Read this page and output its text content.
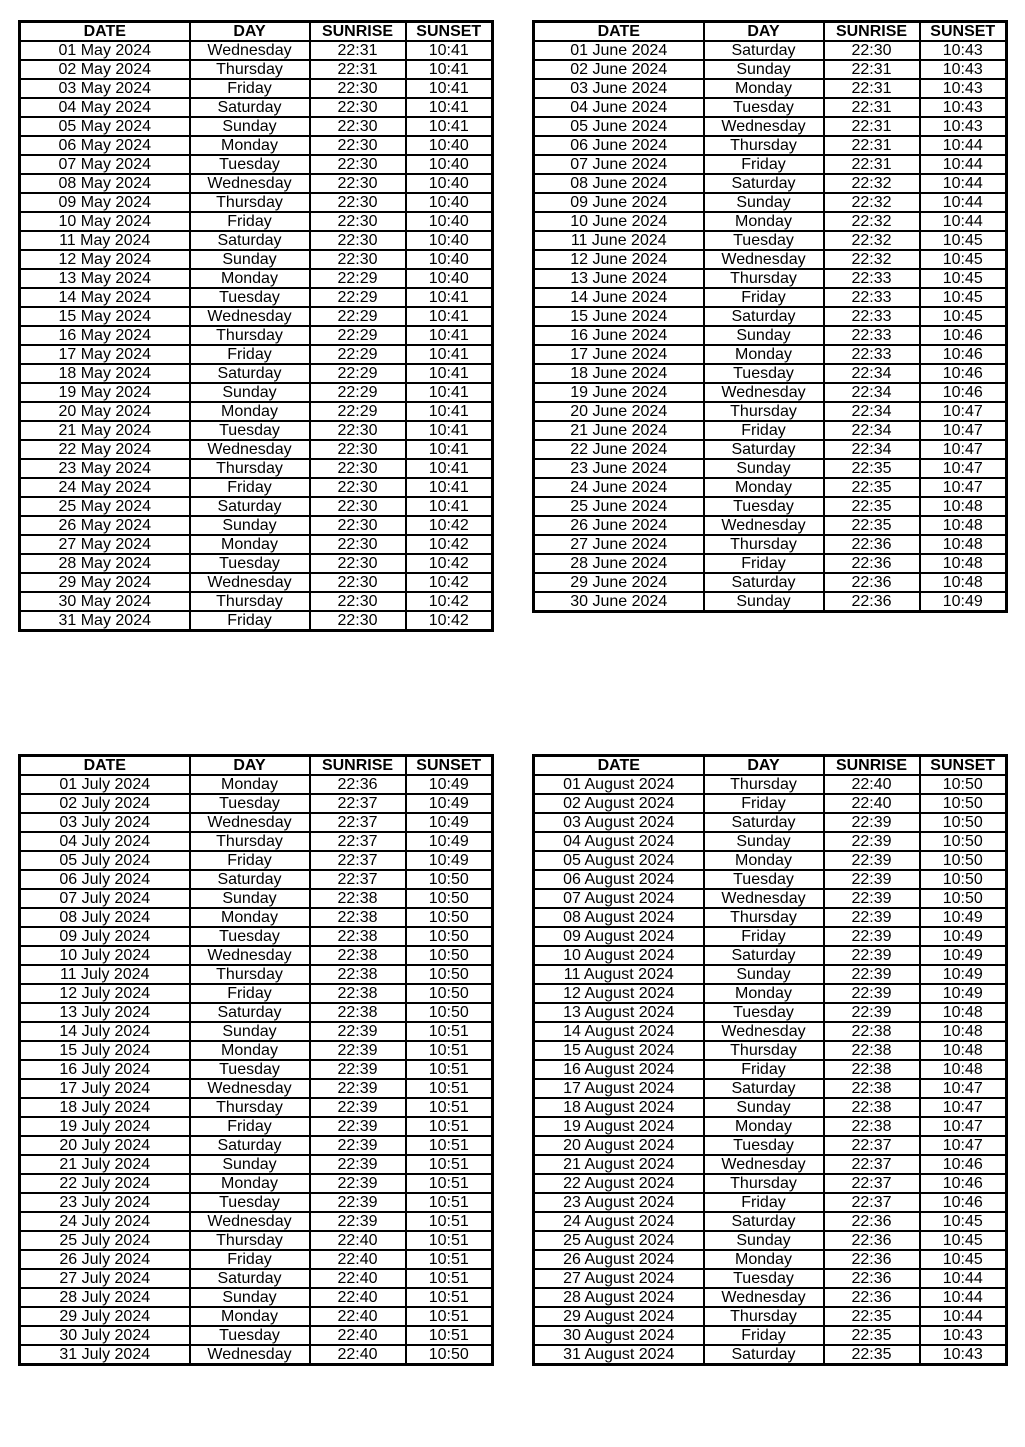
DATE	DAY	SUNRISE	SUNSET
01 May 2024	Wednesday	22:31	10:41
02 May 2024	Thursday	22:31	10:41
03 May 2024	Friday	22:30	10:41
04 May 2024	Saturday	22:30	10:41
05 May 2024	Sunday	22:30	10:41
06 May 2024	Monday	22:30	10:40
07 May 2024	Tuesday	22:30	10:40
08 May 2024	Wednesday	22:30	10:40
09 May 2024	Thursday	22:30	10:40
10 May 2024	Friday	22:30	10:40
11 May 2024	Saturday	22:30	10:40
12 May 2024	Sunday	22:30	10:40
13 May 2024	Monday	22:29	10:40
14 May 2024	Tuesday	22:29	10:41
15 May 2024	Wednesday	22:29	10:41
16 May 2024	Thursday	22:29	10:41
17 May 2024	Friday	22:29	10:41
18 May 2024	Saturday	22:29	10:41
19 May 2024	Sunday	22:29	10:41
20 May 2024	Monday	22:29	10:41
21 May 2024	Tuesday	22:30	10:41
22 May 2024	Wednesday	22:30	10:41
23 May 2024	Thursday	22:30	10:41
24 May 2024	Friday	22:30	10:41
25 May 2024	Saturday	22:30	10:41
26 May 2024	Sunday	22:30	10:42
27 May 2024	Monday	22:30	10:42
28 May 2024	Tuesday	22:30	10:42
29 May 2024	Wednesday	22:30	10:42
30 May 2024	Thursday	22:30	10:42
31 May 2024	Friday	22:30	10:42
DATE	DAY	SUNRISE	SUNSET
01 June 2024	Saturday	22:30	10:43
02 June 2024	Sunday	22:31	10:43
03 June 2024	Monday	22:31	10:43
04 June 2024	Tuesday	22:31	10:43
05 June 2024	Wednesday	22:31	10:43
06 June 2024	Thursday	22:31	10:44
07 June 2024	Friday	22:31	10:44
08 June 2024	Saturday	22:32	10:44
09 June 2024	Sunday	22:32	10:44
10 June 2024	Monday	22:32	10:44
11 June 2024	Tuesday	22:32	10:45
12 June 2024	Wednesday	22:32	10:45
13 June 2024	Thursday	22:33	10:45
14 June 2024	Friday	22:33	10:45
15 June 2024	Saturday	22:33	10:45
16 June 2024	Sunday	22:33	10:46
17 June 2024	Monday	22:33	10:46
18 June 2024	Tuesday	22:34	10:46
19 June 2024	Wednesday	22:34	10:46
20 June 2024	Thursday	22:34	10:47
21 June 2024	Friday	22:34	10:47
22 June 2024	Saturday	22:34	10:47
23 June 2024	Sunday	22:35	10:47
24 June 2024	Monday	22:35	10:47
25 June 2024	Tuesday	22:35	10:48
26 June 2024	Wednesday	22:35	10:48
27 June 2024	Thursday	22:36	10:48
28 June 2024	Friday	22:36	10:48
29 June 2024	Saturday	22:36	10:48
30 June 2024	Sunday	22:36	10:49
DATE	DAY	SUNRISE	SUNSET
01 July 2024	Monday	22:36	10:49
02 July 2024	Tuesday	22:37	10:49
03 July 2024	Wednesday	22:37	10:49
04 July 2024	Thursday	22:37	10:49
05 July 2024	Friday	22:37	10:49
06 July 2024	Saturday	22:37	10:50
07 July 2024	Sunday	22:38	10:50
08 July 2024	Monday	22:38	10:50
09 July 2024	Tuesday	22:38	10:50
10 July 2024	Wednesday	22:38	10:50
11 July 2024	Thursday	22:38	10:50
12 July 2024	Friday	22:38	10:50
13 July 2024	Saturday	22:38	10:50
14 July 2024	Sunday	22:39	10:51
15 July 2024	Monday	22:39	10:51
16 July 2024	Tuesday	22:39	10:51
17 July 2024	Wednesday	22:39	10:51
18 July 2024	Thursday	22:39	10:51
19 July 2024	Friday	22:39	10:51
20 July 2024	Saturday	22:39	10:51
21 July 2024	Sunday	22:39	10:51
22 July 2024	Monday	22:39	10:51
23 July 2024	Tuesday	22:39	10:51
24 July 2024	Wednesday	22:39	10:51
25 July 2024	Thursday	22:40	10:51
26 July 2024	Friday	22:40	10:51
27 July 2024	Saturday	22:40	10:51
28 July 2024	Sunday	22:40	10:51
29 July 2024	Monday	22:40	10:51
30 July 2024	Tuesday	22:40	10:51
31 July 2024	Wednesday	22:40	10:50
DATE	DAY	SUNRISE	SUNSET
01 August 2024	Thursday	22:40	10:50
02 August 2024	Friday	22:40	10:50
03 August 2024	Saturday	22:39	10:50
04 August 2024	Sunday	22:39	10:50
05 August 2024	Monday	22:39	10:50
06 August 2024	Tuesday	22:39	10:50
07 August 2024	Wednesday	22:39	10:50
08 August 2024	Thursday	22:39	10:49
09 August 2024	Friday	22:39	10:49
10 August 2024	Saturday	22:39	10:49
11 August 2024	Sunday	22:39	10:49
12 August 2024	Monday	22:39	10:49
13 August 2024	Tuesday	22:39	10:48
14 August 2024	Wednesday	22:38	10:48
15 August 2024	Thursday	22:38	10:48
16 August 2024	Friday	22:38	10:48
17 August 2024	Saturday	22:38	10:47
18 August 2024	Sunday	22:38	10:47
19 August 2024	Monday	22:38	10:47
20 August 2024	Tuesday	22:37	10:47
21 August 2024	Wednesday	22:37	10:46
22 August 2024	Thursday	22:37	10:46
23 August 2024	Friday	22:37	10:46
24 August 2024	Saturday	22:36	10:45
25 August 2024	Sunday	22:36	10:45
26 August 2024	Monday	22:36	10:45
27 August 2024	Tuesday	22:36	10:44
28 August 2024	Wednesday	22:36	10:44
29 August 2024	Thursday	22:35	10:44
30 August 2024	Friday	22:35	10:43
31 August 2024	Saturday	22:35	10:43
